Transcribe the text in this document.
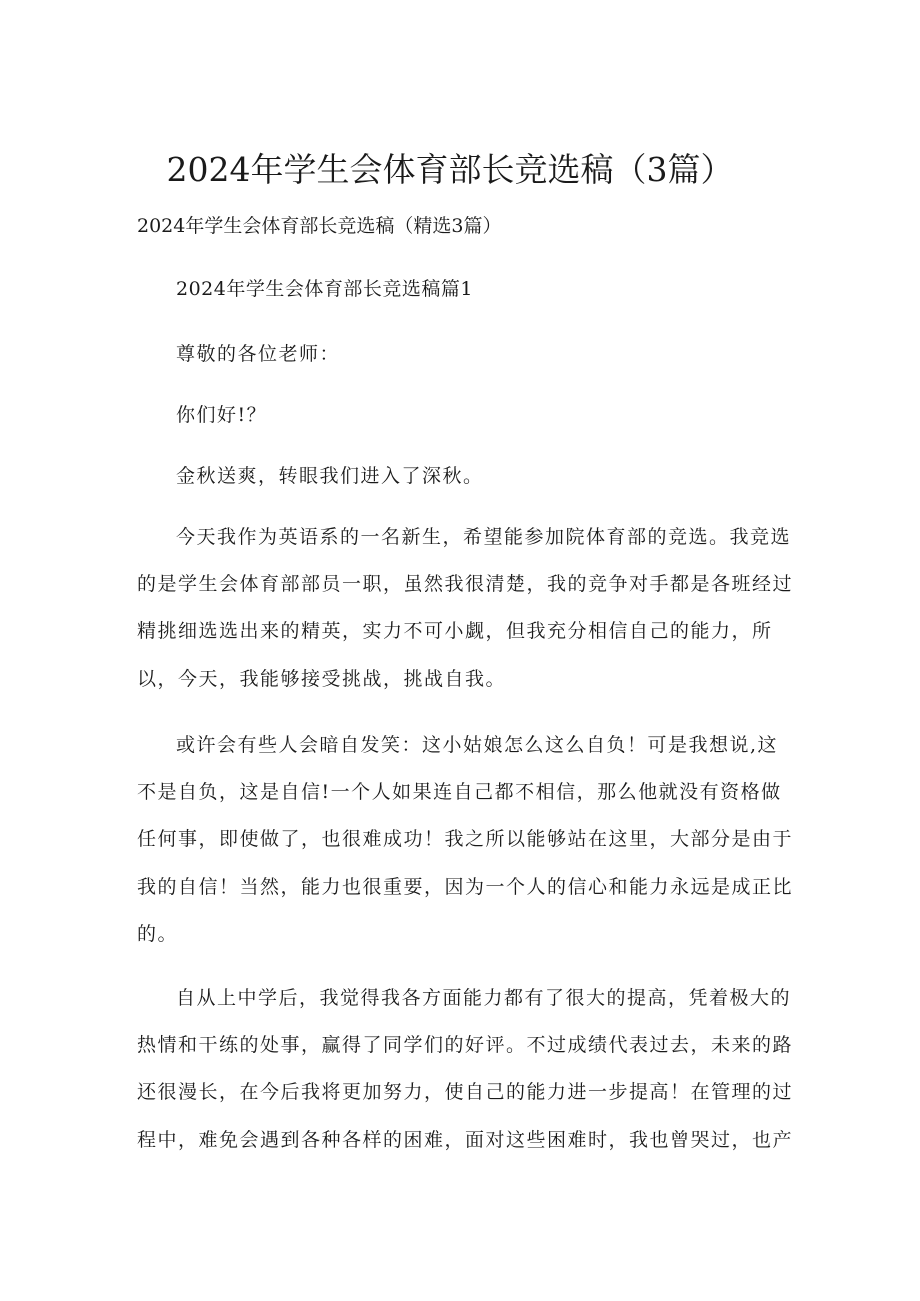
2024年学生会体育部长竞选稿（3篇）
2024年学生会体育部长竞选稿（精选3篇）
2024年学生会体育部长竞选稿篇1
尊敬的各位老师：
你们好!？
金秋送爽，转眼我们进入了深秋。
今天我作为英语系的一名新生，希望能参加院体育部的竞选。我竞选
的是学生会体育部部员一职，虽然我很清楚，我的竞争对手都是各班经过
精挑细选选出来的精英，实力不可小觑，但我充分相信自己的能力，所
以，今天，我能够接受挑战，挑战自我。
或许会有些人会暗自发笑：这小姑娘怎么这么自负！可是我想说,这
不是自负，这是自信!一个人如果连自己都不相信，那么他就没有资格做
任何事，即使做了，也很难成功！我之所以能够站在这里，大部分是由于
我的自信！当然，能力也很重要，因为一个人的信心和能力永远是成正比
的。
自从上中学后，我觉得我各方面能力都有了很大的提高，凭着极大的
热情和干练的处事，赢得了同学们的好评。不过成绩代表过去，未来的路
还很漫长，在今后我将更加努力，使自己的能力进一步提高！在管理的过
程中，难免会遇到各种各样的困难，面对这些困难时，我也曾哭过，也产
